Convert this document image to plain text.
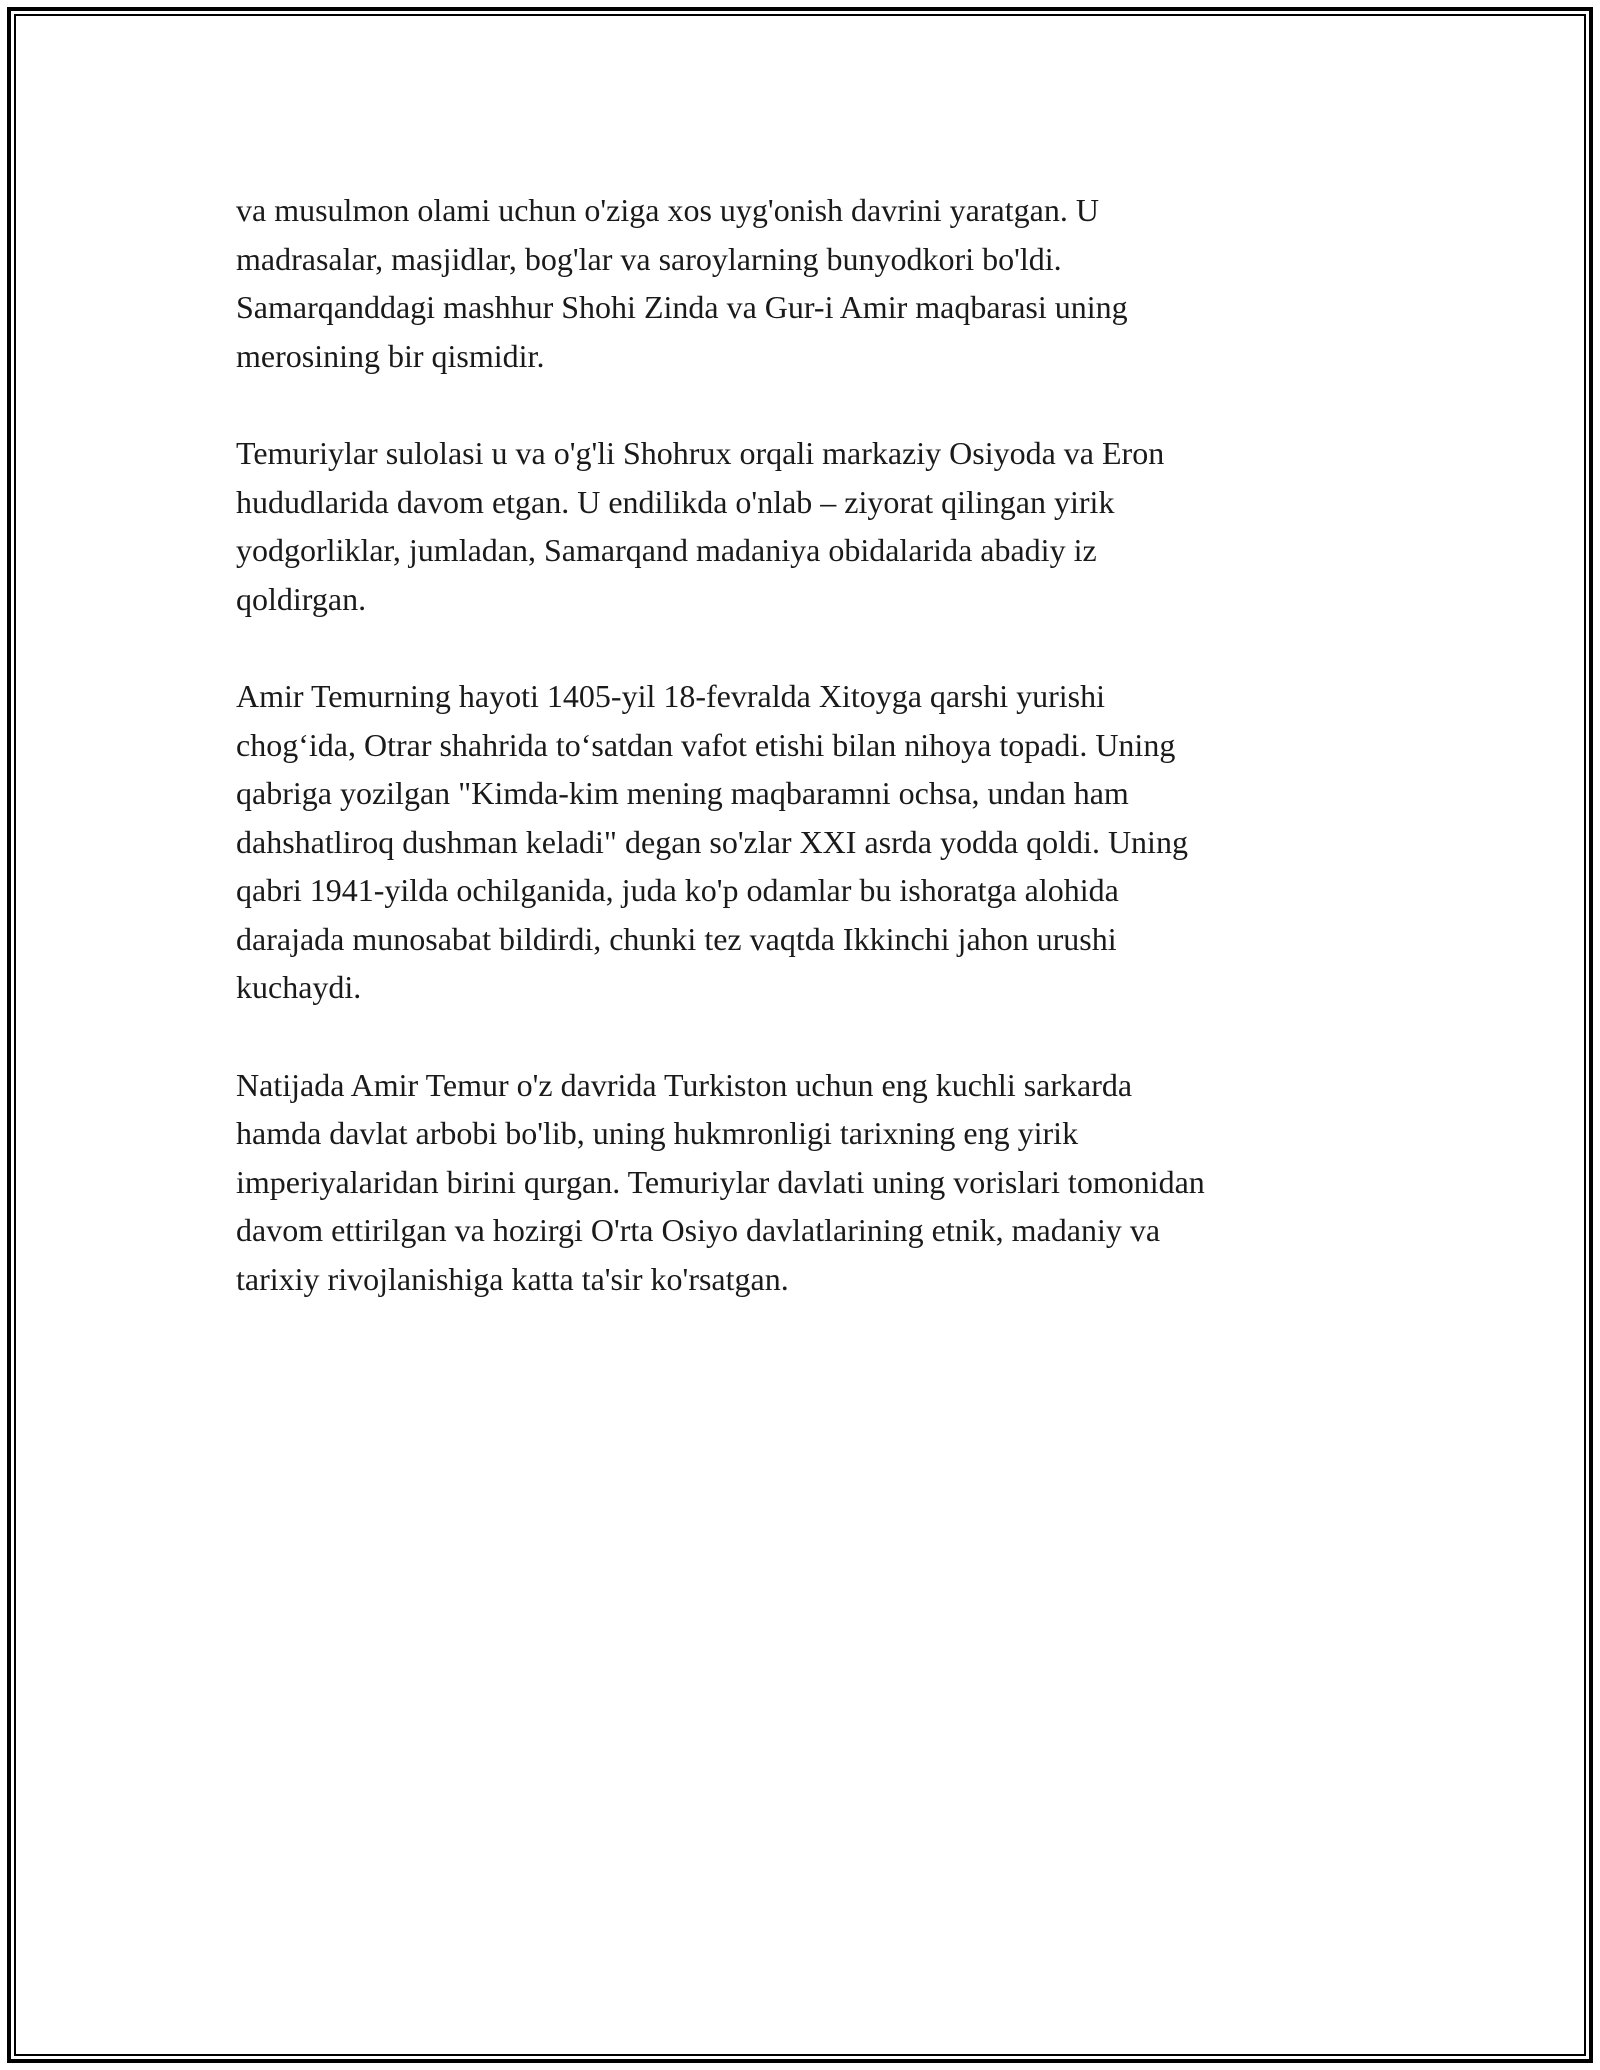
va musulmon olami uchun o'ziga xos uyg'onish davrini yaratgan. U
madrasalar, masjidlar, bog'lar va saroylarning bunyodkori bo'ldi.
Samarqanddagi mashhur Shohi Zinda va Gur-i Amir maqbarasi uning
merosining bir qismidir.

Temuriylar sulolasi u va o'g'li Shohrux orqali markaziy Osiyoda va Eron
hududlarida davom etgan. U endilikda o'nlab – ziyorat qilingan yirik
yodgorliklar, jumladan, Samarqand madaniya obidalarida abadiy iz
qoldirgan.

Amir Temurning hayoti 1405-yil 18-fevralda Xitoyga qarshi yurishi
chog‘ida, Otrar shahrida to‘satdan vafot etishi bilan nihoya topadi. Uning
qabriga yozilgan "Kimda-kim mening maqbaramni ochsa, undan ham
dahshatliroq dushman keladi" degan so'zlar XXI asrda yodda qoldi. Uning
qabri 1941-yilda ochilganida, juda ko'p odamlar bu ishoratga alohida
darajada munosabat bildirdi, chunki tez vaqtda Ikkinchi jahon urushi
kuchaydi.

Natijada Amir Temur o'z davrida Turkiston uchun eng kuchli sarkarda
hamda davlat arbobi bo'lib, uning hukmronligi tarixning eng yirik
imperiyalaridan birini qurgan. Temuriylar davlati uning vorislari tomonidan
davom ettirilgan va hozirgi O'rta Osiyo davlatlarining etnik, madaniy va
tarixiy rivojlanishiga katta ta'sir ko'rsatgan.
